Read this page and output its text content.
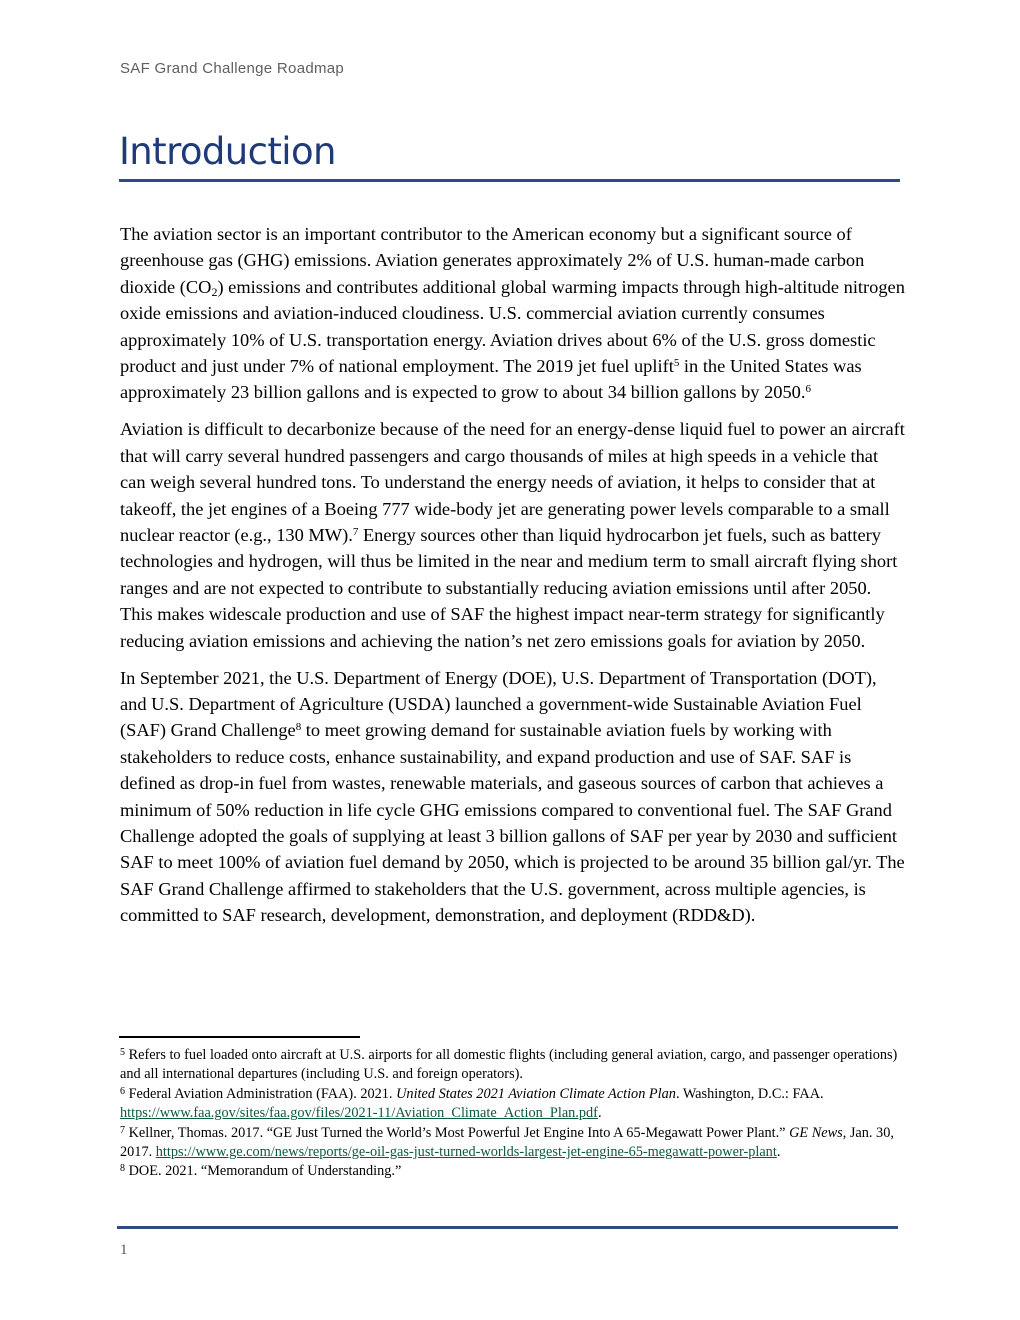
SAF Grand Challenge Roadmap
Introduction

The aviation sector is an important contributor to the American economy but a significant source of greenhouse gas (GHG) emissions. Aviation generates approximately 2% of U.S. human-made carbon dioxide $(CO_2)$ emissions and contributes additional global warming impacts through high-altitude nitrogen oxide emissions and aviation-induced cloudiness. U.S. commercial aviation currently consumes approximately 10% of U.S. transportation energy. Aviation drives about 6% of the U.S. gross domestic product and just under 7% of national employment. The 2019 jet fuel uplift$^5$ in the United States was approximately 23 billion gallons and is expected to grow to about 34 billion gallons by 2050.$^6$

Aviation is difficult to decarbonize because of the need for an energy-dense liquid fuel to power an aircraft that will carry several hundred passengers and cargo thousands of miles at high speeds in a vehicle that can weigh several hundred tons. To understand the energy needs of aviation, it helps to consider that at takeoff, the jet engines of a Boeing 777 wide-body jet are generating power levels comparable to a small nuclear reactor (e.g., 130 MW).$^7$ Energy sources other than liquid hydrocarbon jet fuels, such as battery technologies and hydrogen, will thus be limited in the near and medium term to small aircraft flying short ranges and are not expected to contribute to substantially reducing aviation emissions until after 2050. This makes widescale production and use of SAF the highest impact near-term strategy for significantly reducing aviation emissions and achieving the nation’s net zero emissions goals for aviation by 2050.

In September 2021, the U.S. Department of Energy (DOE), U.S. Department of Transportation (DOT), and U.S. Department of Agriculture (USDA) launched a government-wide Sustainable Aviation Fuel (SAF) Grand Challenge$^8$ to meet growing demand for sustainable aviation fuels by working with stakeholders to reduce costs, enhance sustainability, and expand production and use of SAF. SAF is defined as drop-in fuel from wastes, renewable materials, and gaseous sources of carbon that achieves a minimum of 50% reduction in life cycle GHG emissions compared to conventional fuel. The SAF Grand Challenge adopted the goals of supplying at least 3 billion gallons of SAF per year by 2030 and sufficient SAF to meet 100% of aviation fuel demand by 2050, which is projected to be around 35 billion gal/yr. The SAF Grand Challenge affirmed to stakeholders that the U.S. government, across multiple agencies, is committed to SAF research, development, demonstration, and deployment (RDD&D).

$^5$ Refers to fuel loaded onto aircraft at U.S. airports for all domestic flights (including general aviation, cargo, and passenger operations) and all international departures (including U.S. and foreign operators).

$^6$ Federal Aviation Administration (FAA). 2021. United States 2021 Aviation Climate Action Plan. Washington, D.C.: FAA. https://www.faa.gov/sites/faa.gov/files/2021-11/Aviation_Climate_Action_Plan.pdf.

$^7$ Kellner, Thomas. 2017. “GE Just Turned the World’s Most Powerful Jet Engine Into A 65-Megawatt Power Plant.” GE News, Jan. 30, 2017. https://www.ge.com/news/reports/ge-oil-gas-just-turned-worlds-largest-jet-engine-65-megawatt-power-plant.

$^8$ DOE. 2021. “Memorandum of Understanding.”

1
